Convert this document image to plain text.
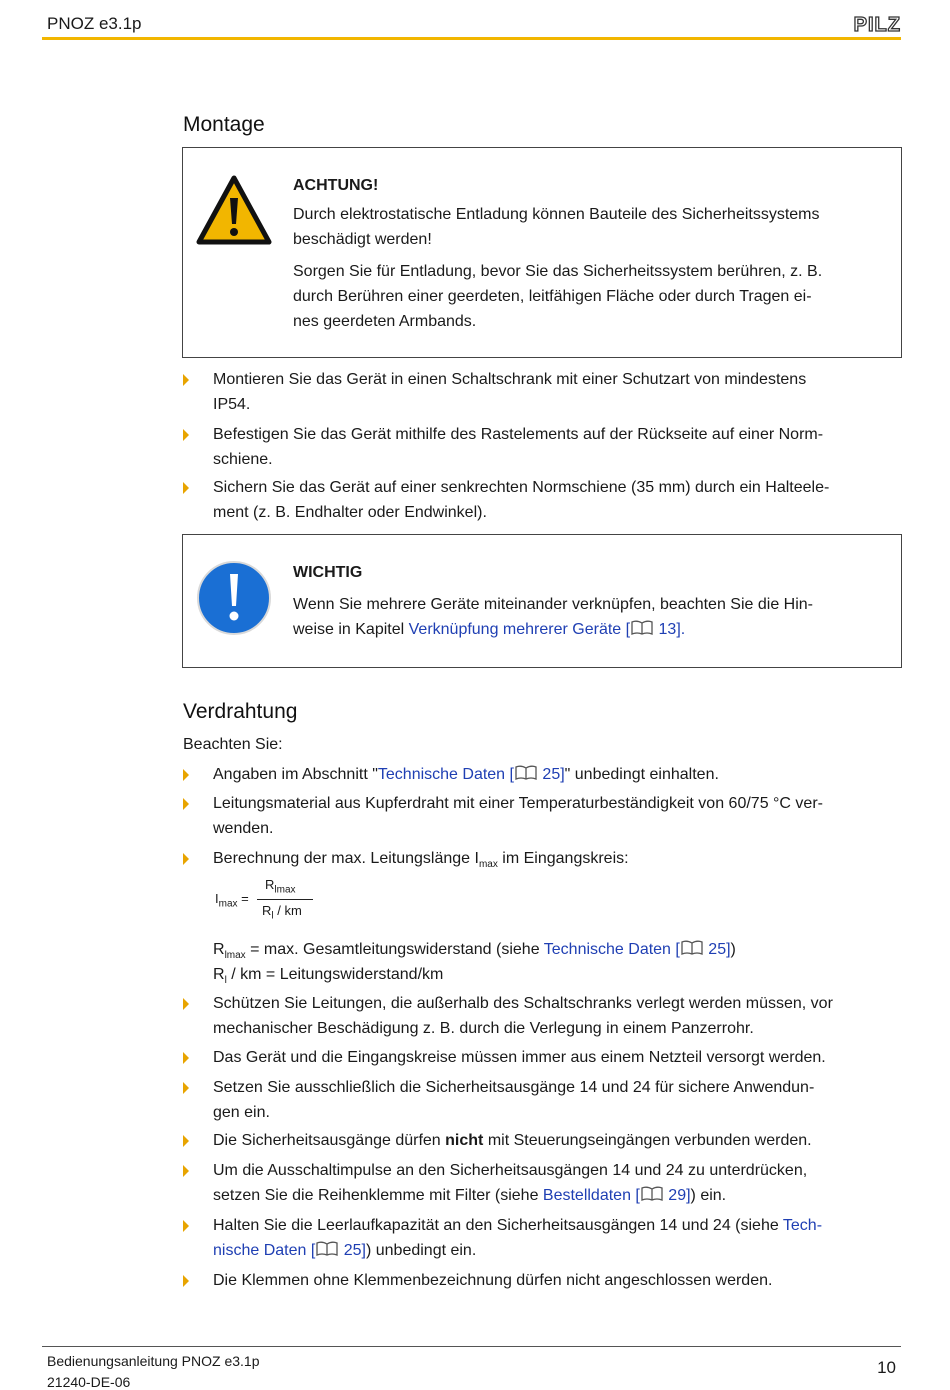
PNOZ e3.1p	PILZ
Montage
ACHTUNG!

Durch elektrostatische Entladung können Bauteile des Sicherheitssystems
beschädigt werden!

Sorgen Sie für Entladung, bevor Sie das Sicherheitssystem berühren, z. B.
durch Berühren einer geerdeten, leitfähigen Fläche oder durch Tragen ei-
nes geerdeten Armbands.

Montieren Sie das Gerät in einen Schaltschrank mit einer Schutzart von mindestens
IP54.
Befestigen Sie das Gerät mithilfe des Rastelements auf der Rückseite auf einer Norm-
schiene.
Sichern Sie das Gerät auf einer senkrechten Normschiene (35 mm) durch ein Halteele-
ment (z. B. Endhalter oder Endwinkel).
WICHTIG

Wenn Sie mehrere Geräte miteinander verknüpfen, beachten Sie die Hin-
weise in Kapitel Verknüpfung mehrerer Geräte [ 13].

Verdrahtung
Beachten Sie:
Angaben im Abschnitt "Technische Daten [ 25]" unbedingt einhalten.
Leitungsmaterial aus Kupferdraht mit einer Temperaturbeständigkeit von 60/75 °C ver-
wenden.
Berechnung der max. Leitungslänge $I_{max}$ im Eingangskreis:
$I_{max}$ =
$R_{lmax}$
$R_l$ / km
$R_{lmax} = \max$. Gesamtleitungswiderstand (siehe Technische Daten [ 25])
$R_l$ / km = Leitungswiderstand/km
Schützen Sie Leitungen, die außerhalb des Schaltschranks verlegt werden müssen, vor
mechanischer Beschädigung z. B. durch die Verlegung in einem Panzerrohr.
Das Gerät und die Eingangskreise müssen immer aus einem Netzteil versorgt werden.
Setzen Sie ausschließlich die Sicherheitsausgänge 14 und 24 für sichere Anwendun-
gen ein.
Die Sicherheitsausgänge dürfen nicht mit Steuerungseingängen verbunden werden.
Um die Ausschaltimpulse an den Sicherheitsausgängen 14 und 24 zu unterdrücken,
setzen Sie die Reihenklemme mit Filter (siehe Bestelldaten [ 29]) ein.
Halten Sie die Leerlaufkapazität an den Sicherheitsausgängen 14 und 24 (siehe Tech-
nische Daten [ 25]) unbedingt ein.
Die Klemmen ohne Klemmenbezeichnung dürfen nicht angeschlossen werden.
Bedienungsanleitung PNOZ e3.1p
21240-DE-06
10
